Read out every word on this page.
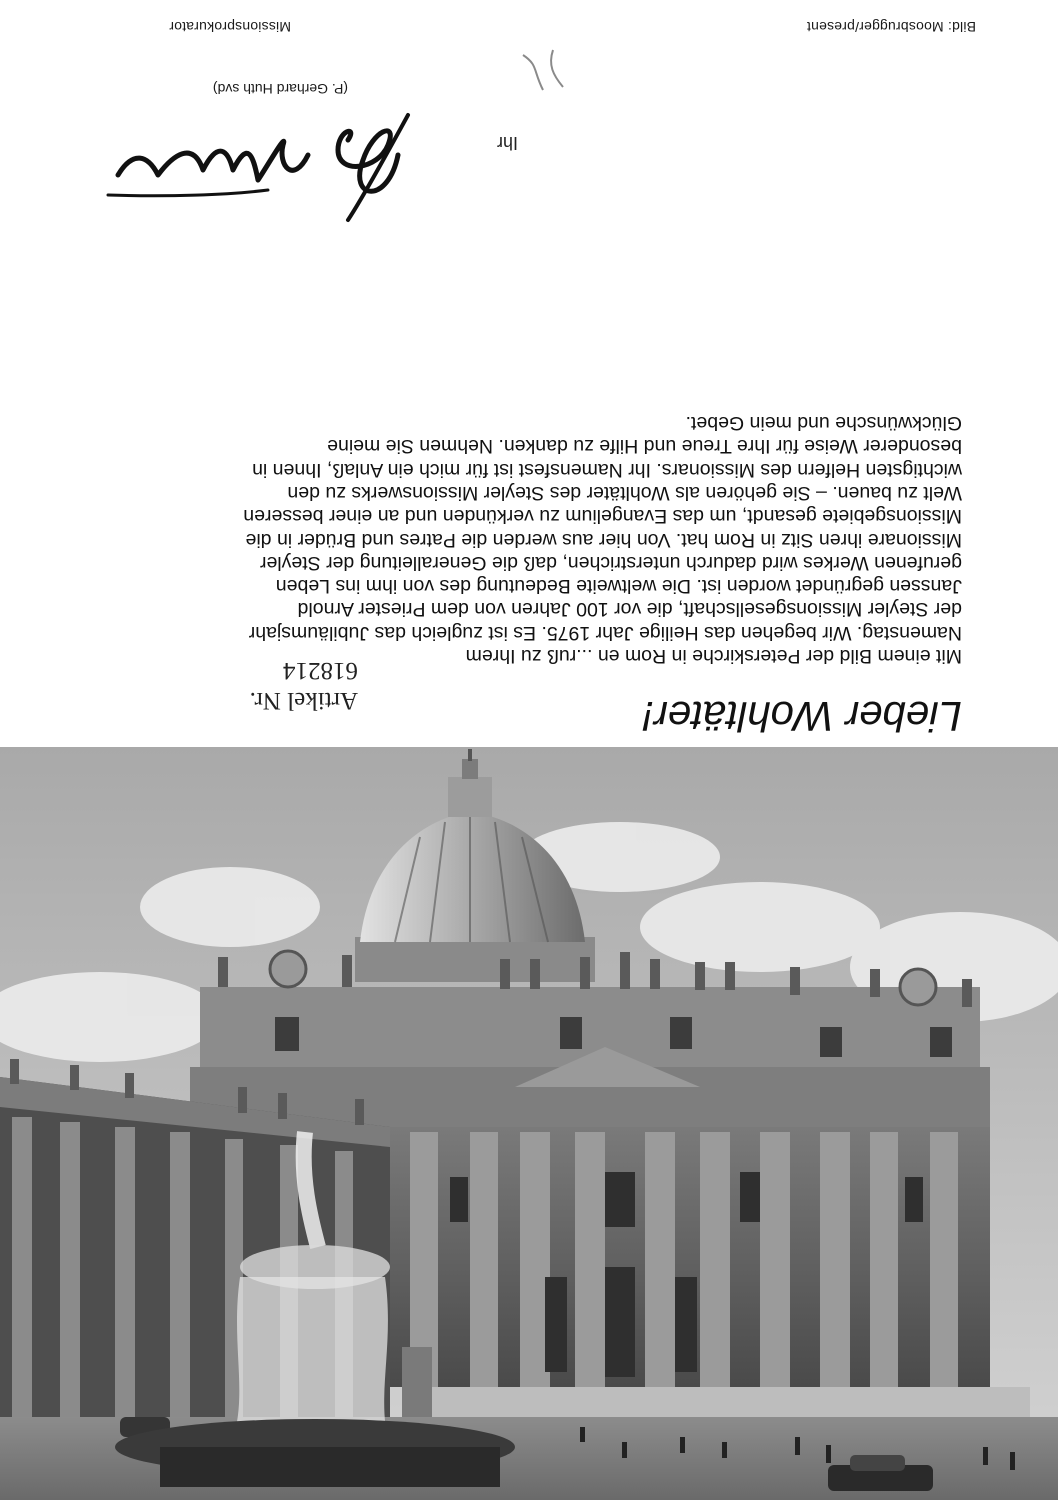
Lieber Wohltäter!
Artikel Nr.
618214

Mit einem Bild der Peterskirche in Rom en ...ruß zu Ihrem

Namenstag. Wir begehen das Heilige Jahr 1975. Es ist zugleich das Jubiläumsjahr

der Steyler Missionsgesellschaft, die vor 100 Jahren von dem Priester Arnold

Janssen gegründet worden ist. Die weltweite Bedeutung des von ihm ins Leben

gerufenen Werkes wird dadurch unterstrichen, daß die Generalleitung der Steyler

Missionare ihren Sitz in Rom hat. Von hier aus werden die Patres und Brüder in die

Missionsgebiete gesandt, um das Evangelium zu verkünden und an einer besseren

Welt zu bauen. – Sie gehören als Wohltäter des Steyler Missionswerks zu den

wichtigsten Helfern des Missionars. Ihr Namensfest ist für mich ein Anlaß, Ihnen in

besonderer Weise für Ihre Treue und Hilfe zu danken. Nehmen Sie meine

Glückwünsche und mein Gebet.

Ihr
(P. Gerhard Huth svd)
Bild: Moosbrugger/present
Missionsprokurator
